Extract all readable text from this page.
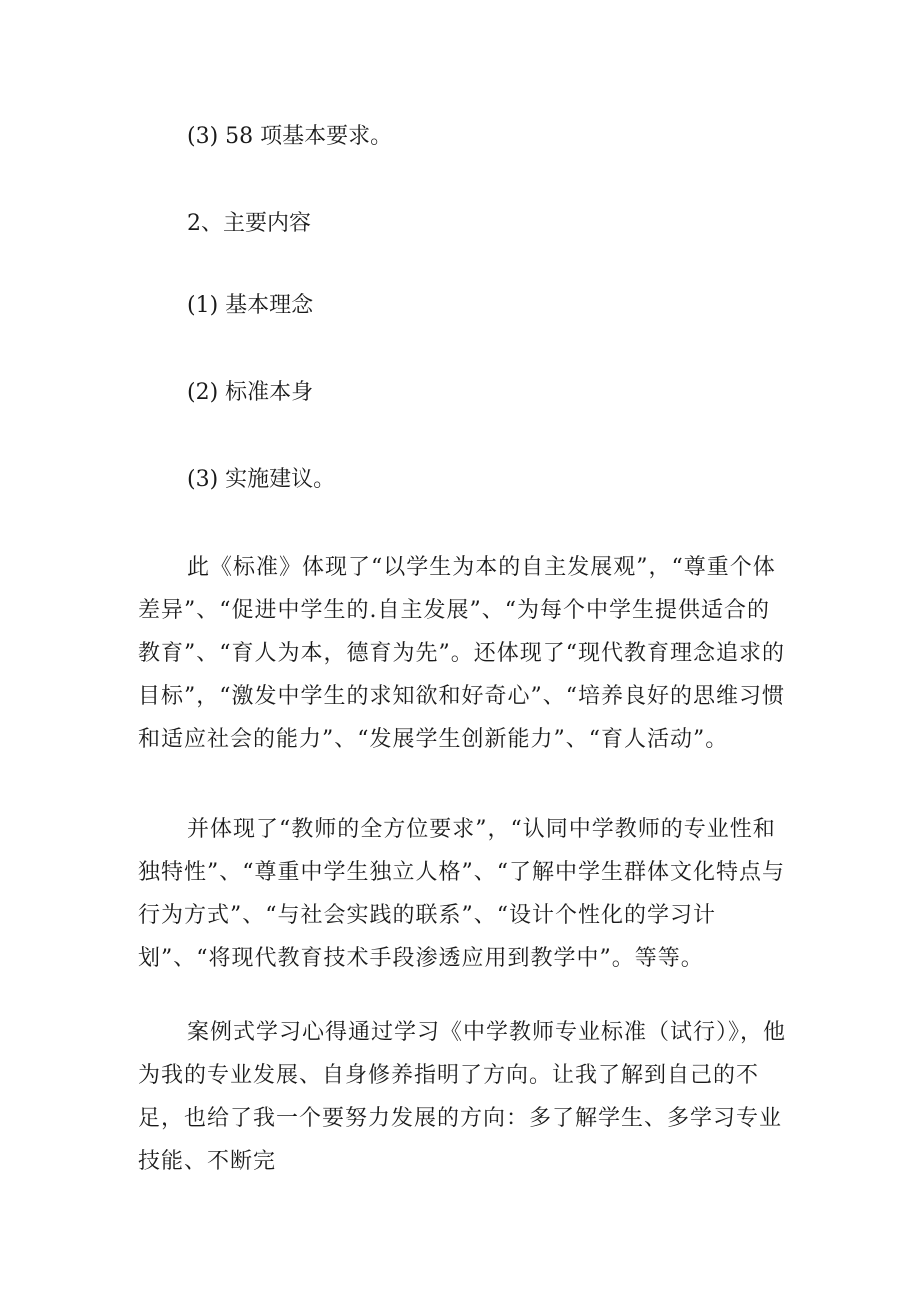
(3) 58 项基本要求。

2、主要内容

(1) 基本理念

(2) 标准本身

(3) 实施建议。

此《标准》体现了“以学生为本的自主发展观”，“尊重个体差异”、“促进中学生的.自主发展”、“为每个中学生提供适合的教育”、“育人为本，德育为先”。还体现了“现代教育理念追求的目标”，“激发中学生的求知欲和好奇心”、“培养良好的思维习惯和适应社会的能力”、“发展学生创新能力”、“育人活动”。

并体现了“教师的全方位要求”，“认同中学教师的专业性和独特性”、“尊重中学生独立人格”、“了解中学生群体文化特点与行为方式”、“与社会实践的联系”、“设计个性化的学习计划”、“将现代教育技术手段渗透应用到教学中”。等等。

案例式学习心得通过学习《中学教师专业标准（试行）》，他为我的专业发展、自身修养指明了方向。让我了解到自己的不足，也给了我一个要努力发展的方向：多了解学生、多学习专业技能、不断完
